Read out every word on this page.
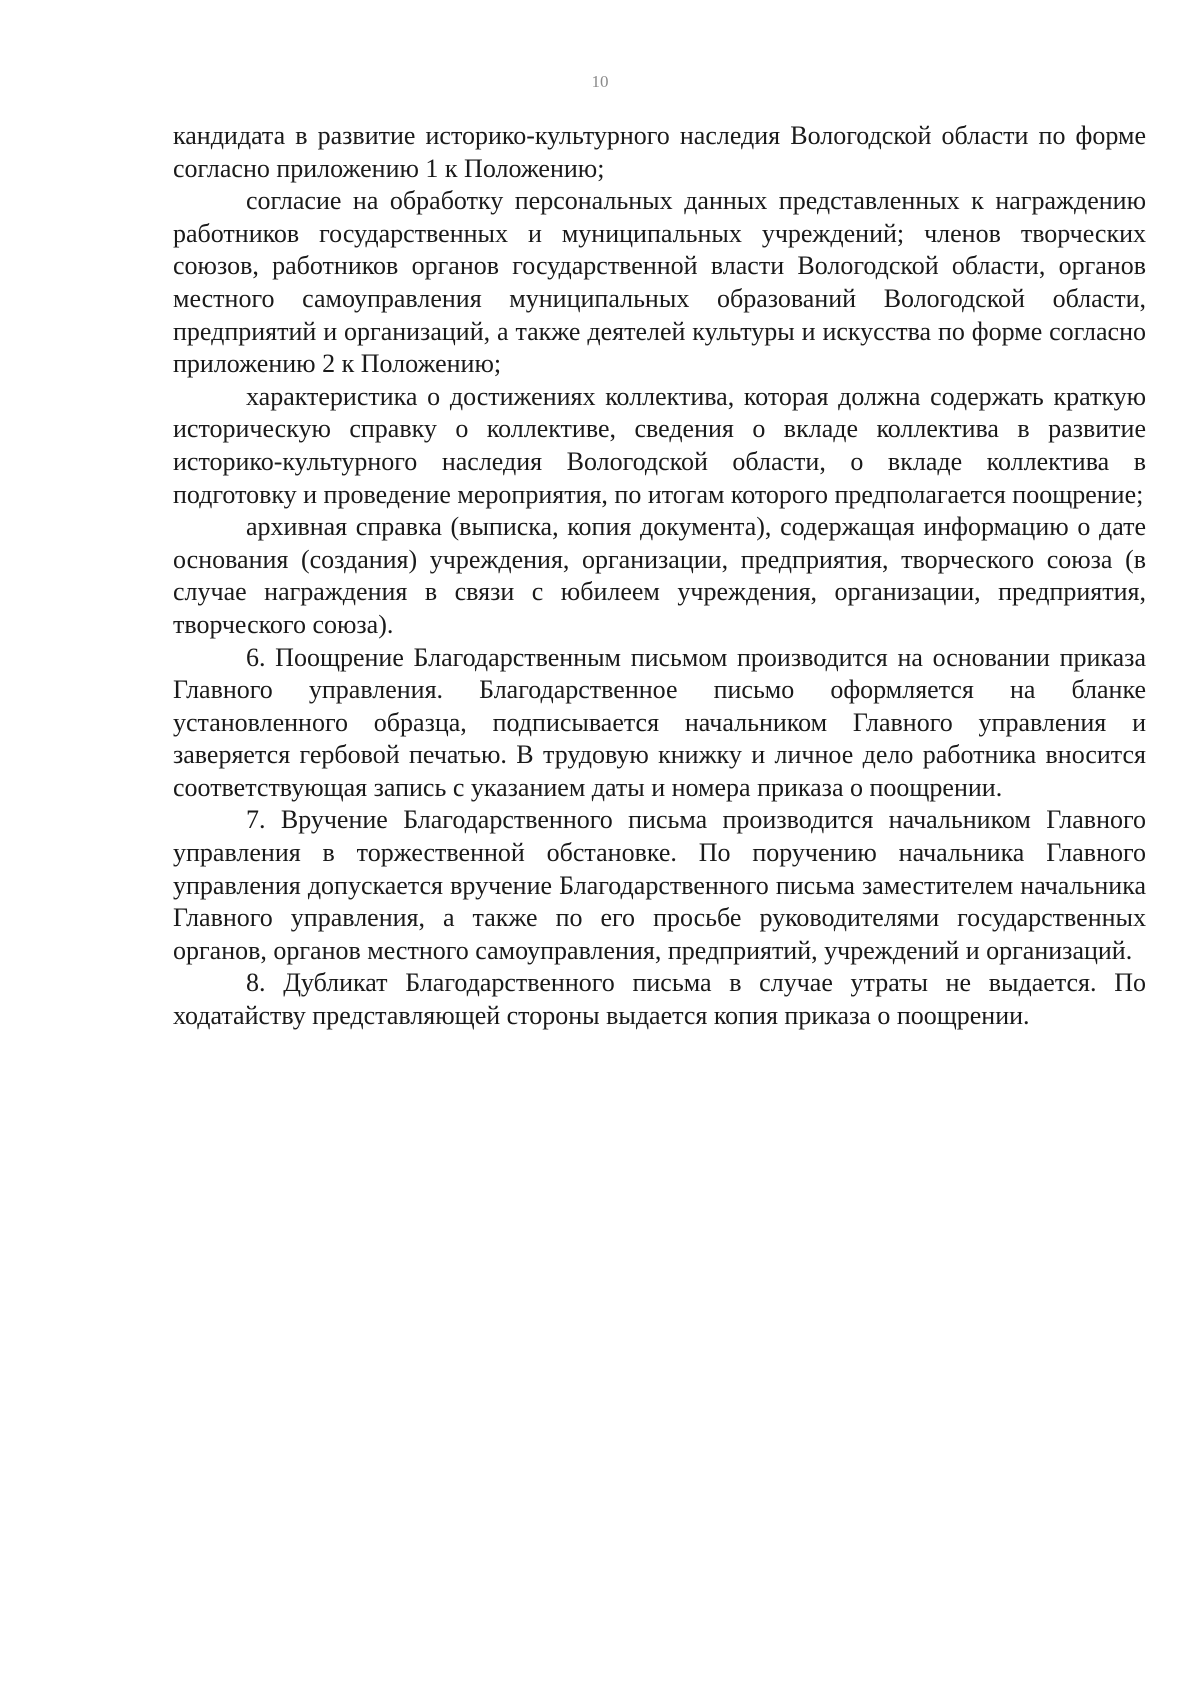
10

кандидата в развитие историко-культурного наследия Вологодской области по форме согласно приложению 1 к Положению;

согласие на обработку персональных данных представленных к награждению работников государственных и муниципальных учреждений; членов творческих союзов, работников органов государственной власти Вологодской области, органов местного самоуправления муниципальных образований Вологодской области, предприятий и организаций, а также деятелей культуры и искусства по форме согласно приложению 2 к Положению;

характеристика о достижениях коллектива, которая должна содержать краткую историческую справку о коллективе, сведения о вкладе коллектива в развитие историко-культурного наследия Вологодской области, о вкладе коллектива в подготовку и проведение мероприятия, по итогам которого предполагается поощрение;

архивная справка (выписка, копия документа), содержащая информацию о дате основания (создания) учреждения, организации, предприятия, творческого союза (в случае награждения в связи с юбилеем учреждения, организации, предприятия, творческого союза).

6. Поощрение Благодарственным письмом производится на основании приказа Главного управления. Благодарственное письмо оформляется на бланке установленного образца, подписывается начальником Главного управления и заверяется гербовой печатью. В трудовую книжку и личное дело работника вносится соответствующая запись с указанием даты и номера приказа о поощрении.

7. Вручение Благодарственного письма производится начальником Главного управления в торжественной обстановке. По поручению начальника Главного управления допускается вручение Благодарственного письма заместителем начальника Главного управления, а также по его просьбе руководителями государственных органов, органов местного самоуправления, предприятий, учреждений и организаций.

8. Дубликат Благодарственного письма в случае утраты не выдается. По ходатайству представляющей стороны выдается копия приказа о поощрении.
